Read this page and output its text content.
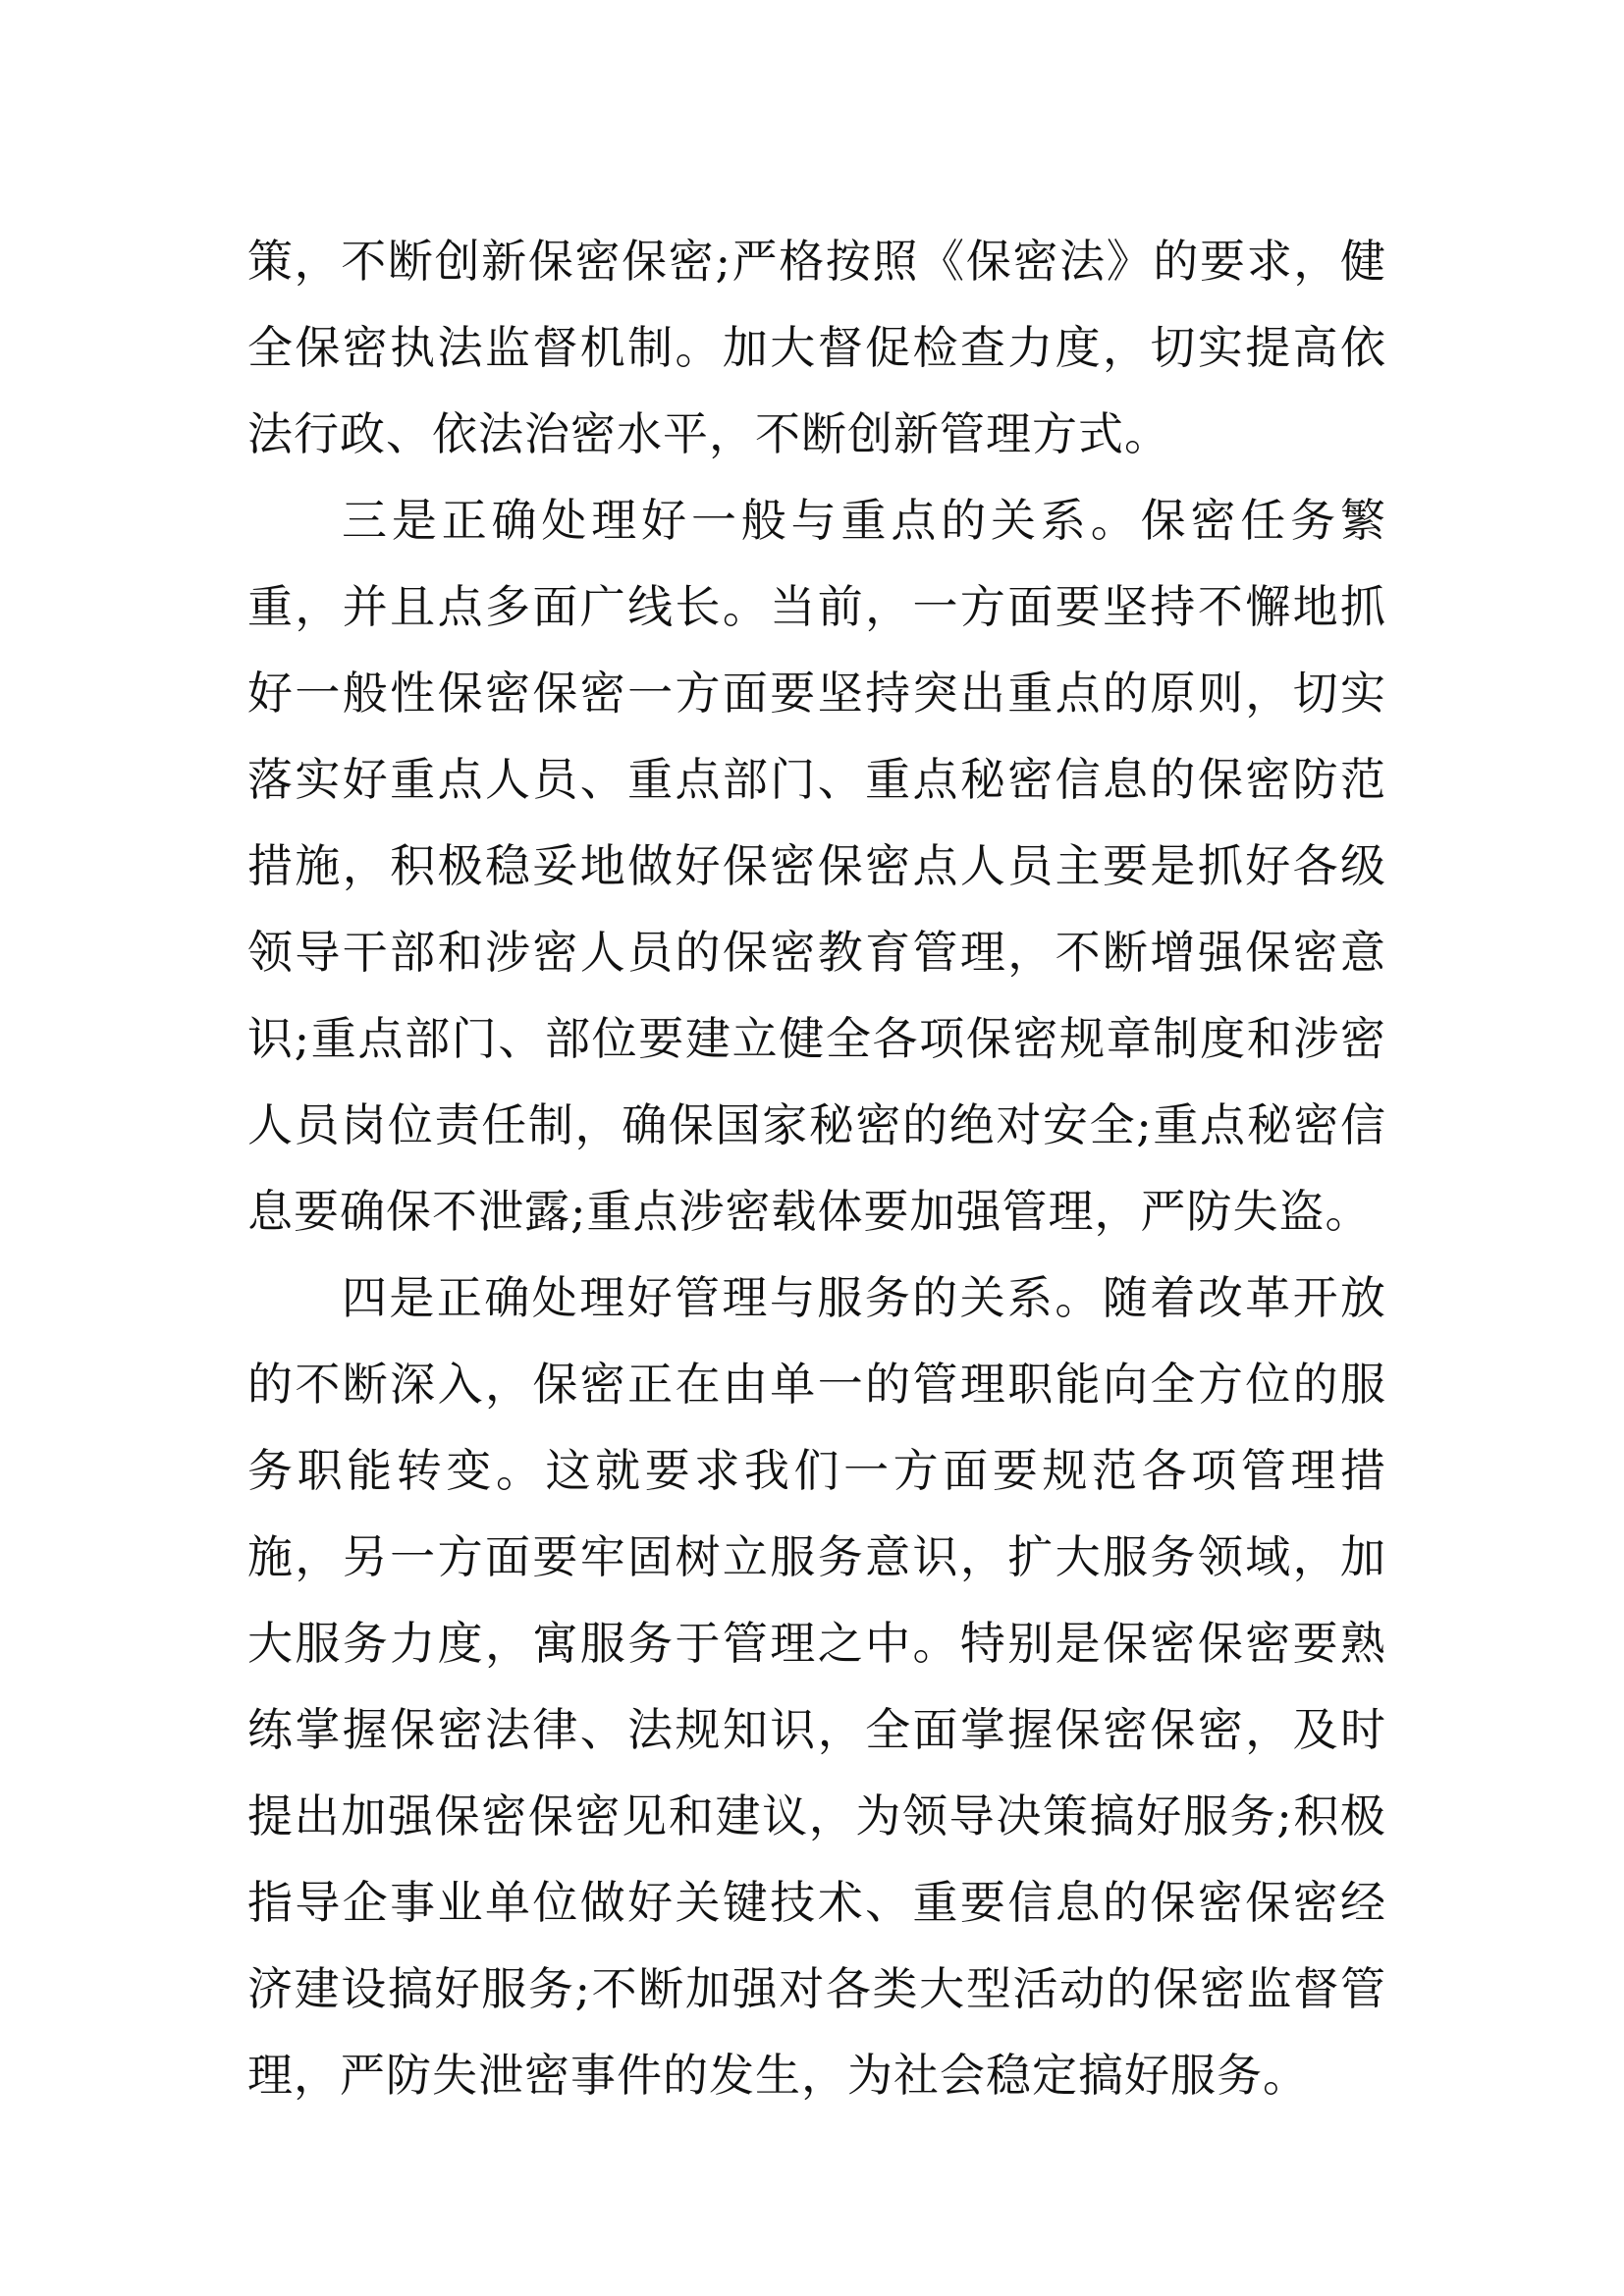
策，不断创新保密保密;严格按照《保密法》的要求，健全保密执法监督机制。加大督促检查力度，切实提高依法行政、依法治密水平，不断创新管理方式。

三是正确处理好一般与重点的关系。保密任务繁重，并且点多面广线长。当前，一方面要坚持不懈地抓好一般性保密保密一方面要坚持突出重点的原则，切实落实好重点人员、重点部门、重点秘密信息的保密防范措施，积极稳妥地做好保密保密点人员主要是抓好各级领导干部和涉密人员的保密教育管理，不断增强保密意识;重点部门、部位要建立健全各项保密规章制度和涉密人员岗位责任制，确保国家秘密的绝对安全;重点秘密信息要确保不泄露;重点涉密载体要加强管理，严防失盗。

四是正确处理好管理与服务的关系。随着改革开放的不断深入，保密正在由单一的管理职能向全方位的服务职能转变。这就要求我们一方面要规范各项管理措施，另一方面要牢固树立服务意识，扩大服务领域，加大服务力度，寓服务于管理之中。特别是保密保密要熟练掌握保密法律、法规知识，全面掌握保密保密，及时提出加强保密保密见和建议，为领导决策搞好服务;积极指导企事业单位做好关键技术、重要信息的保密保密经济建设搞好服务;不断加强对各类大型活动的保密监督管理，严防失泄密事件的发生，为社会稳定搞好服务。
